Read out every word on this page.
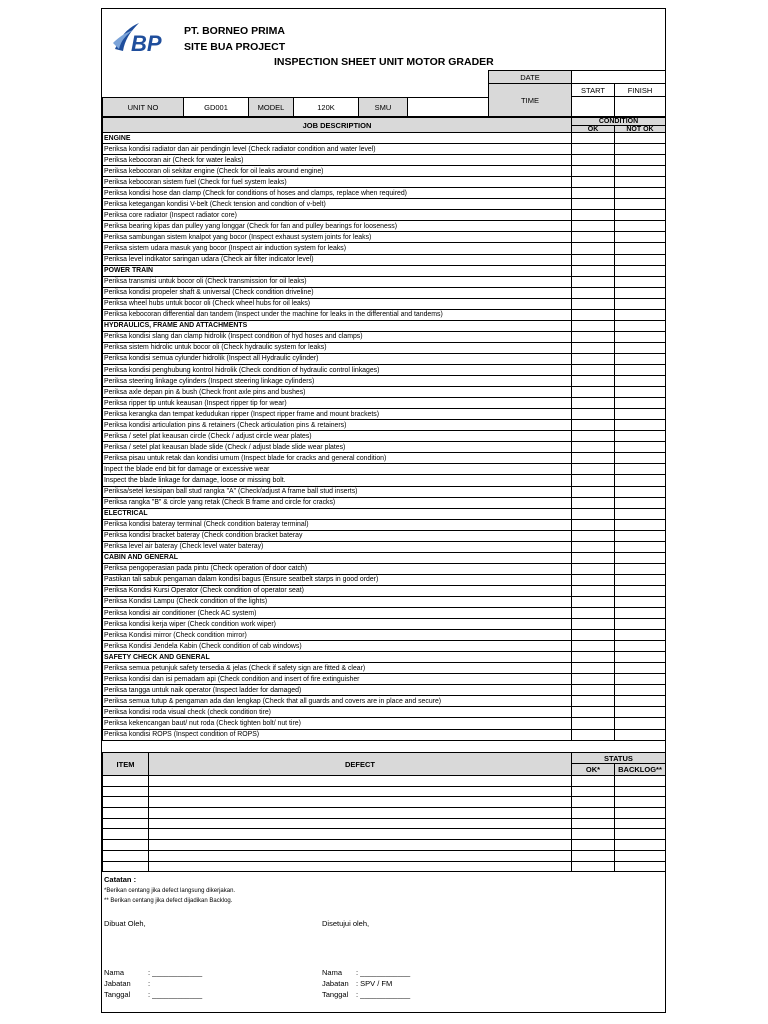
BP PT. BORNEO PRIMA
SITE BUA PROJECT
INSPECTION SHEET UNIT MOTOR GRADER
DATE
TIME
START	FINISH
UNIT NO	GD001	MODEL	120K	SMU
JOB DESCRIPTION	CONDITION
OK	NOT OK
ENGINE		
Periksa kondisi radiator dan air pendingin level (Check radiator condition and water level)		
Periksa kebocoran air (Check for water leaks)		
Periksa kebocoran oli sekitar engine (Check for oil leaks around engine)		
Periksa kebocoran sistem fuel (Check for fuel system leaks)		
Periksa kondisi hose dan clamp (Check for conditions of hoses and clamps, replace when required)		
Periksa ketegangan kondisi V-belt (Check tension and condtion of v-belt)		
Periksa core radiator (Inspect radiator core)		
Periksa bearing kipas dan pulley yang longgar (Check for fan and pulley bearings for looseness)		
Periksa sambungan sistem knalpot yang bocor (Inspect exhaust system joints for leaks)		
Periksa sistem udara masuk yang bocor (Inspect air induction system for leaks)		
Periksa level indikator saringan udara (Check air filter indicator level)		
POWER TRAIN		
Periksa transmisi untuk bocor oli (Check transmission for oil leaks)		
Periksa kondisi propeler shaft & universal (Check condition driveline)		
Periksa wheel hubs untuk bocor oli (Check wheel hubs for oil leaks)		
Periksa kebocoran differential dan tandem (Inspect under the machine for leaks in the differential and tandems)		
HYDRAULICS, FRAME AND ATTACHMENTS		
Periksa kondisi slang dan clamp hidrolik (Inspect condition of hyd hoses and clamps)		
Periksa sistem hidrolic untuk bocor oli (Check hydraulic system for leaks)		
Periksa kondisi semua cylunder hidrolik (Inspect all Hydraulic cylinder)		
Periksa kondisi penghubung kontrol hidrolik (Check condition of hydraulic control linkages)		
Periksa steering linkage cylinders (Inspect steering linkage cylinders)		
Periksa axle depan pin & bush (Check front axle pins and bushes)		
Periksa ripper tip untuk keausan (Inspect ripper tip for wear)		
Periksa kerangka dan tempat kedudukan ripper (Inspect ripper frame and mount brackets)		
Periksa kondisi articulation pins & retainers (Check articulation pins & retainers)		
Periksa / setel plat keausan circle (Check / adjust circle wear plates)		
Periksa / setel plat keausan blade slide (Check / adjust blade slide wear plates)		
Periksa pisau untuk retak dan kondisi umum (Inspect blade for cracks and general condition)		
Inpect the blade end bit for damage or excessive wear		
Inspect the blade linkage for damage, loose or missing bolt.		
Periksa/setel kesisipan ball stud rangka "A" (Check/adjust A frame ball stud inserts)		
Periksa rangka "B" & circle yang retak (Check B frame and circle for cracks)		
ELECTRICAL		
Periksa kondisi bateray terminal (Check condition bateray terminal)		
Periksa kondisi bracket bateray (Check condition bracket bateray		
Periksa level air bateray (Check level water bateray)		
CABIN AND GENERAL		
Periksa pengoperasian pada pintu (Check operation of door catch)		
Pastikan tali sabuk pengaman dalam kondisi bagus (Ensure seatbelt starps in good order)		
Periksa Kondisi Kursi Operator (Check condition of operator seat)		
Periksa Kondisi Lampu (Check condition of the lights)		
Periksa kondisi air conditioner (Check AC system)		
Periksa kondisi kerja wiper (Check condition work wiper)		
Periksa Kondisi mirror (Check condition mirror)		
Periksa Kondisi Jendela Kabin (Check condition of cab windows)		
SAFETY CHECK AND GENERAL		
Periksa semua petunjuk safety tersedia & jelas (Check if safety sign are fitted & clear)		
Periksa kondisi dan isi pemadam api (Check condition and insert of fire extinguisher		
Periksa tangga untuk naik operator (Inspect ladder for damaged)		
Periksa semua tutup & pengaman ada dan lengkap (Check that all guards and covers are in place and secure)		
Periksa kondisi roda visual check (check condition tire)		
Periksa kekencangan baut/ nut roda (Check tighten bolt/ nut tire)		
Periksa kondisi ROPS (Inspect condition of ROPS)		
ITEM	DEFECT
STATUS
OK* BACKLOG**

Catatan :
*Berikan centang jika defect langsung dikerjakan.
** Berikan centang jika defect dijadikan Backlog.
Dibuat Oleh,	Disetujui oleh,
Nama	: ____________
Jabatan :
Tanggal : ____________
Nama : ____________
Jabatan : SPV / FM
Tanggal : ____________
